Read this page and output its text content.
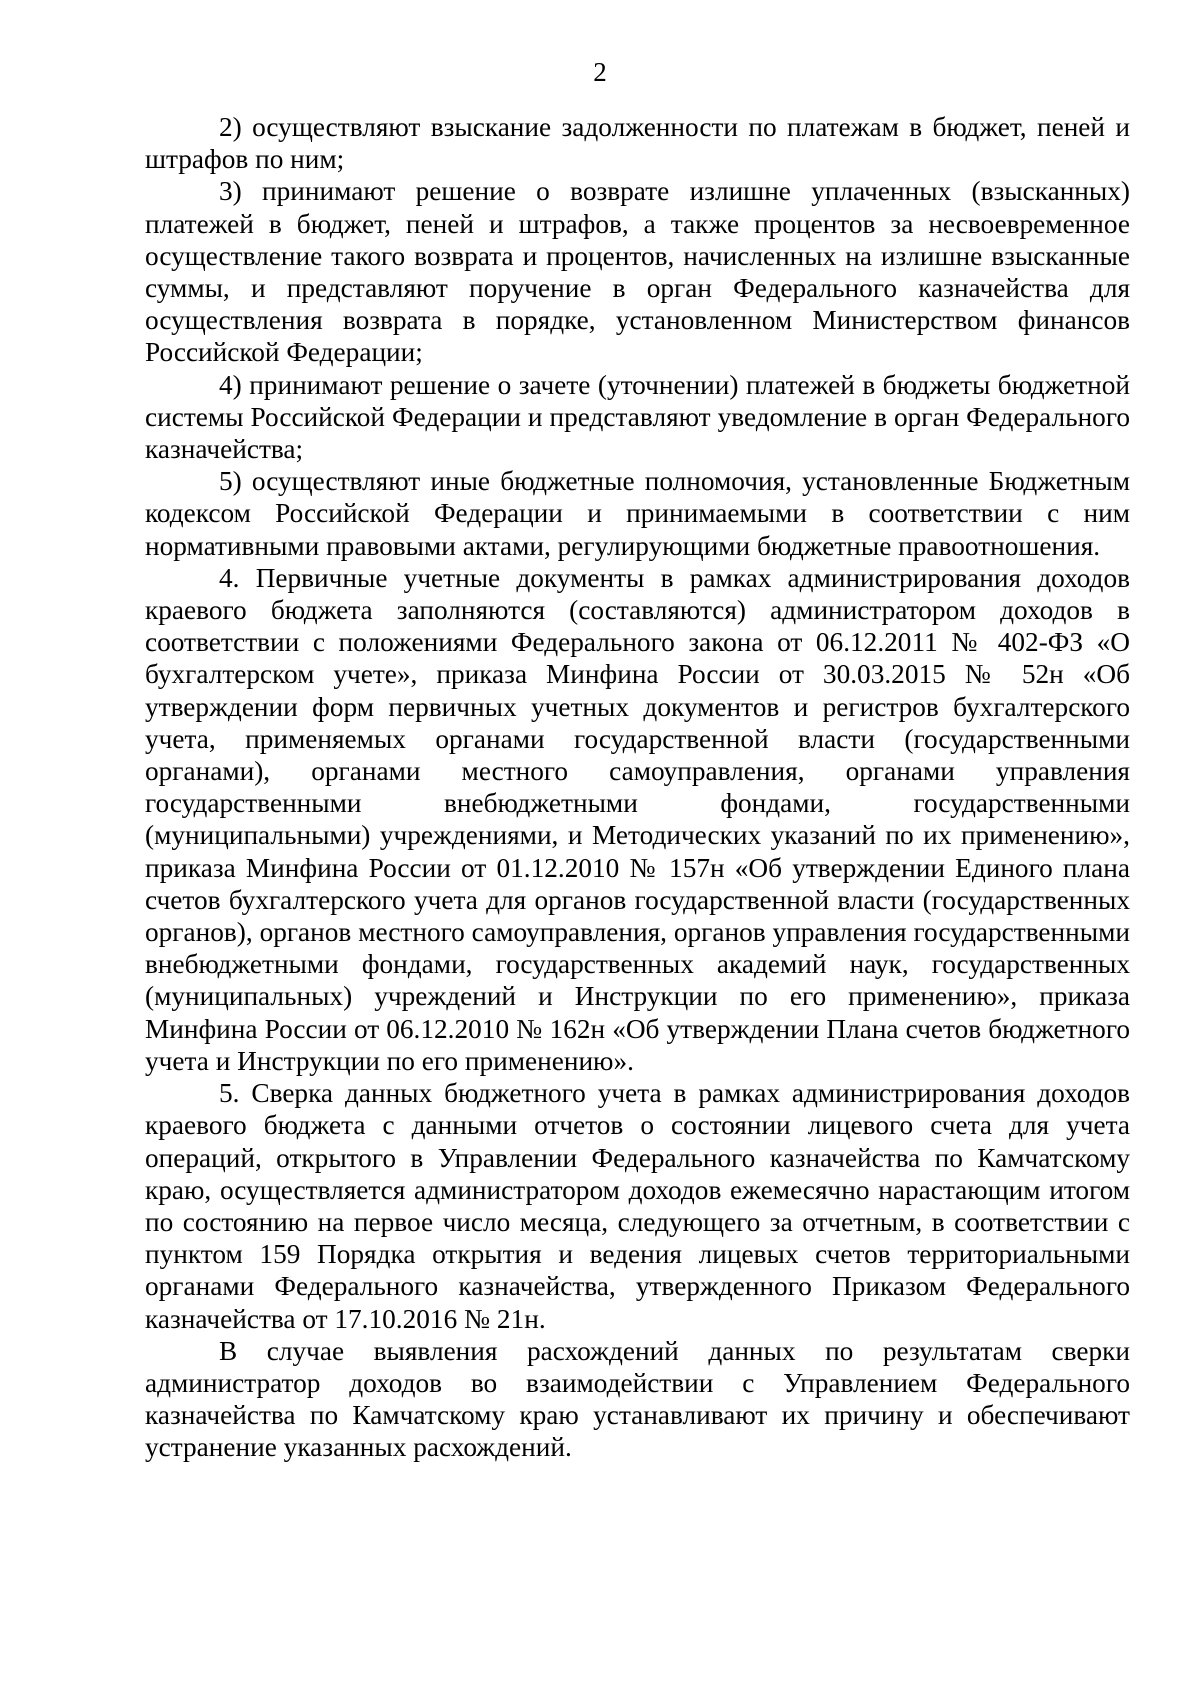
2

2) осуществляют взыскание задолженности по платежам в бюджет, пеней и штрафов по ним;

3) принимают решение о возврате излишне уплаченных (взысканных) платежей в бюджет, пеней и штрафов, а также процентов за несвоевременное осуществление такого возврата и процентов, начисленных на излишне взысканные суммы, и представляют поручение в орган Федерального казначейства для осуществления возврата в порядке, установленном Министерством финансов Российской Федерации;

4) принимают решение о зачете (уточнении) платежей в бюджеты бюджетной системы Российской Федерации и представляют уведомление в орган Федерального казначейства;

5) осуществляют иные бюджетные полномочия, установленные Бюджетным кодексом Российской Федерации и принимаемыми в соответствии с ним нормативными правовыми актами, регулирующими бюджетные правоотношения.

4. Первичные учетные документы в рамках администрирования доходов краевого бюджета заполняются (составляются) администратором доходов в соответствии с положениями Федерального закона от 06.12.2011 № 402-ФЗ «О бухгалтерском учете», приказа Минфина России от 30.03.2015 № 52н «Об утверждении форм первичных учетных документов и регистров бухгалтерского учета, применяемых органами государственной власти (государственными органами), органами местного самоуправления, органами управления государственными внебюджетными фондами, государственными (муниципальными) учреждениями, и Методических указаний по их применению», приказа Минфина России от 01.12.2010 № 157н «Об утверждении Единого плана счетов бухгалтерского учета для органов государственной власти (государственных органов), органов местного самоуправления, органов управления государственными внебюджетными фондами, государственных академий наук, государственных (муниципальных) учреждений и Инструкции по его применению», приказа Минфина России от 06.12.2010 № 162н «Об утверждении Плана счетов бюджетного учета и Инструкции по его применению».

5. Сверка данных бюджетного учета в рамках администрирования доходов краевого бюджета с данными отчетов о состоянии лицевого счета для учета операций, открытого в Управлении Федерального казначейства по Камчатскому краю, осуществляется администратором доходов ежемесячно нарастающим итогом по состоянию на первое число месяца, следующего за отчетным, в соответствии с пунктом 159 Порядка открытия и ведения лицевых счетов территориальными органами Федерального казначейства, утвержденного Приказом Федерального казначейства от 17.10.2016 № 21н.

В случае выявления расхождений данных по результатам сверки администратор доходов во взаимодействии с Управлением Федерального казначейства по Камчатскому краю устанавливают их причину и обеспечивают устранение указанных расхождений.
